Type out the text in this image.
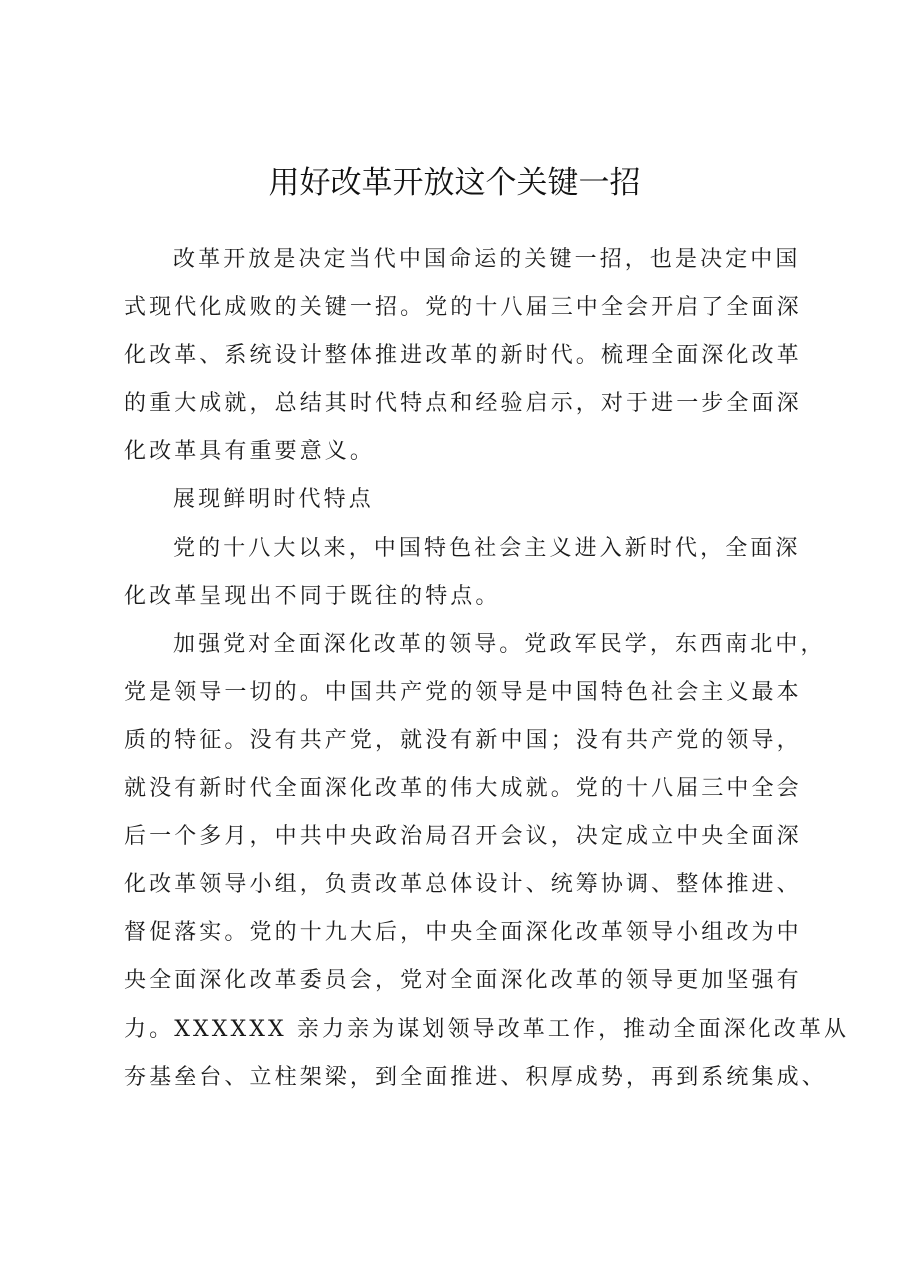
用好改革开放这个关键一招
改革开放是决定当代中国命运的关键一招，也是决定中国
式现代化成败的关键一招。党的十八届三中全会开启了全面深
化改革、系统设计整体推进改革的新时代。梳理全面深化改革
的重大成就，总结其时代特点和经验启示，对于进一步全面深
化改革具有重要意义。
展现鲜明时代特点
党的十八大以来，中国特色社会主义进入新时代，全面深
化改革呈现出不同于既往的特点。
加强党对全面深化改革的领导。党政军民学，东西南北中，
党是领导一切的。中国共产党的领导是中国特色社会主义最本
质的特征。没有共产党，就没有新中国；没有共产党的领导，
就没有新时代全面深化改革的伟大成就。党的十八届三中全会
后一个多月，中共中央政治局召开会议，决定成立中央全面深
化改革领导小组，负责改革总体设计、统筹协调、整体推进、
督促落实。党的十九大后，中央全面深化改革领导小组改为中
央全面深化改革委员会，党对全面深化改革的领导更加坚强有
力。XXXXXX 亲力亲为谋划领导改革工作，推动全面深化改革从
夯基垒台、立柱架梁，到全面推进、积厚成势，再到系统集成、
